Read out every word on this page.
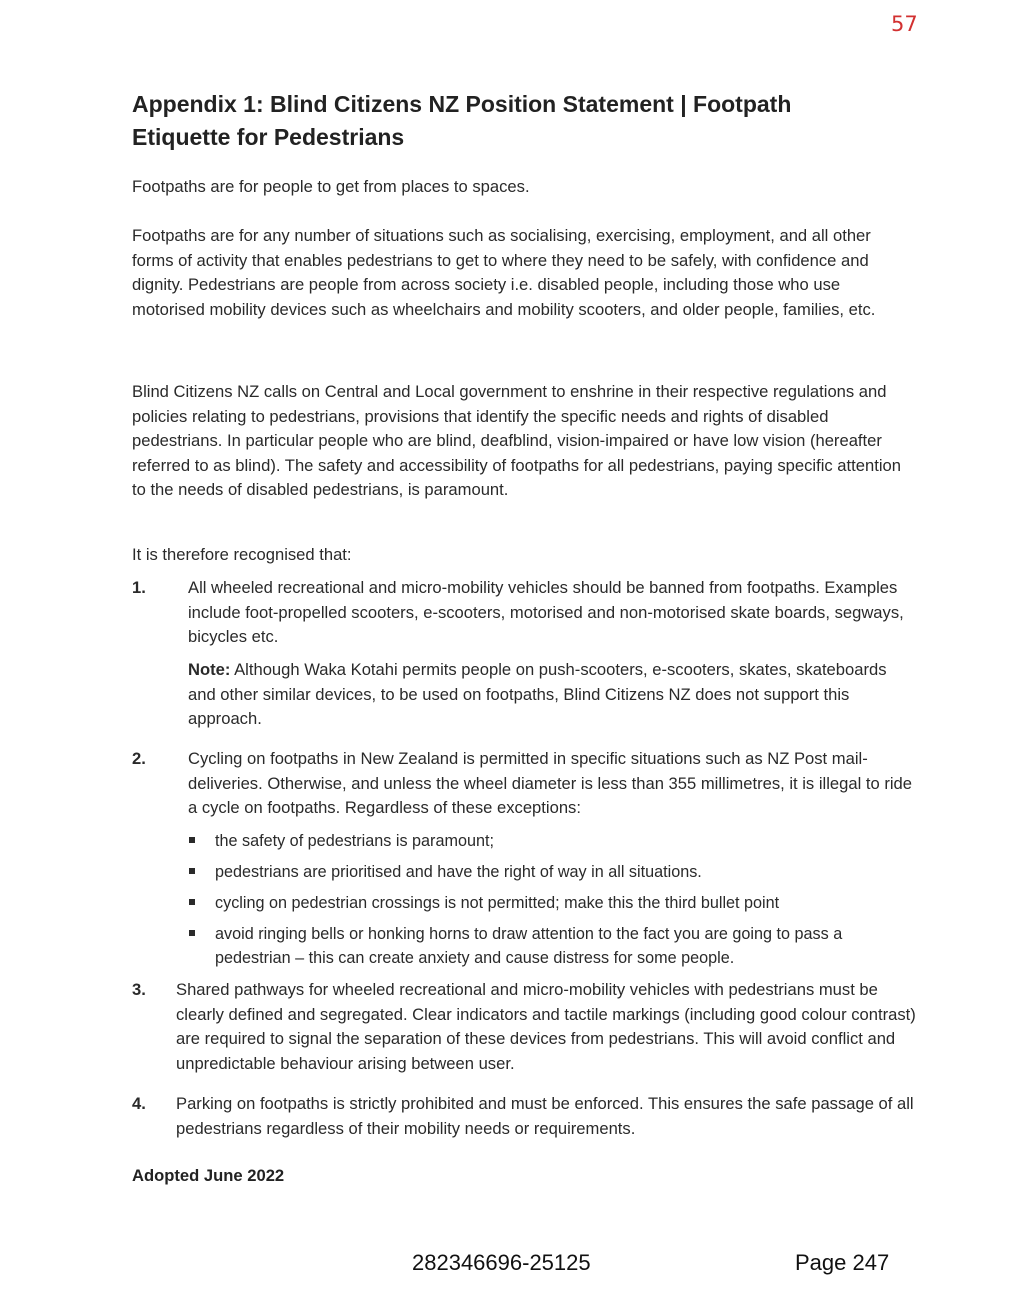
57
Appendix 1: Blind Citizens NZ Position Statement | Footpath Etiquette for Pedestrians

Footpaths are for people to get from places to spaces.

Footpaths are for any number of situations such as socialising, exercising, employment, and all other forms of activity that enables pedestrians to get to where they need to be safely, with confidence and dignity. Pedestrians are people from across society i.e. disabled people, including those who use motorised mobility devices such as wheelchairs and mobility scooters, and older people, families, etc.

Blind Citizens NZ calls on Central and Local government to enshrine in their respective regulations and policies relating to pedestrians, provisions that identify the specific needs and rights of disabled pedestrians. In particular people who are blind, deafblind, vision-impaired or have low vision (hereafter referred to as blind). The safety and accessibility of footpaths for all pedestrians, paying specific attention to the needs of disabled pedestrians, is paramount.

It is therefore recognised that:

1.	All wheeled recreational and micro-mobility vehicles should be banned from footpaths. Examples include foot-propelled scooters, e-scooters, motorised and non-motorised skate boards, segways, bicycles etc.

Note: Although Waka Kotahi permits people on push-scooters, e-scooters, skates, skateboards and other similar devices, to be used on footpaths, Blind Citizens NZ does not support this approach.

2.	Cycling on footpaths in New Zealand is permitted in specific situations such as NZ Post mail-deliveries. Otherwise, and unless the wheel diameter is less than 355 millimetres, it is illegal to ride a cycle on footpaths. Regardless of these exceptions:

the safety of pedestrians is paramount;

pedestrians are prioritised and have the right of way in all situations.

cycling on pedestrian crossings is not permitted; make this the third bullet point

avoid ringing bells or honking horns to draw attention to the fact you are going to pass a pedestrian – this can create anxiety and cause distress for some people.

3. Shared pathways for wheeled recreational and micro-mobility vehicles with pedestrians must be clearly defined and segregated. Clear indicators and tactile markings (including good colour contrast) are required to signal the separation of these devices from pedestrians. This will avoid conflict and unpredictable behaviour arising between user.

4. Parking on footpaths is strictly prohibited and must be enforced. This ensures the safe passage of all pedestrians regardless of their mobility needs or requirements.

Adopted June 2022

282346696-25125	Page 247
